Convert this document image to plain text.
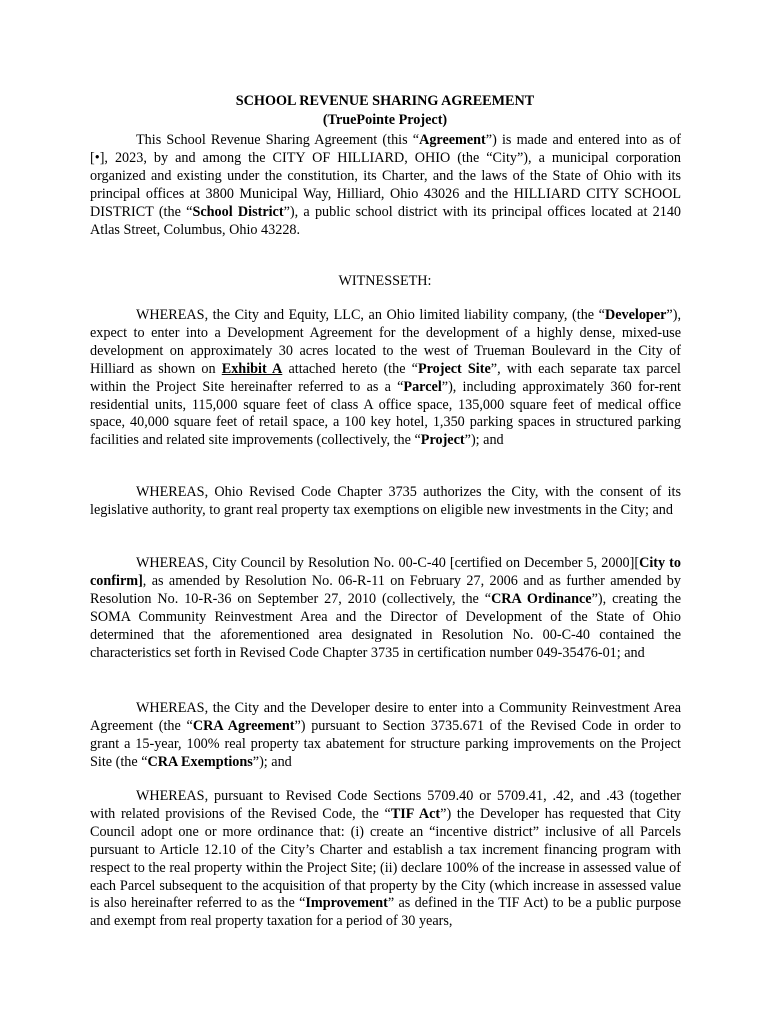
SCHOOL REVENUE SHARING AGREEMENT
(TruePointe Project)

This School Revenue Sharing Agreement (this “Agreement”) is made and entered into as of [•], 2023, by and among the CITY OF HILLIARD, OHIO (the “City”), a municipal corporation organized and existing under the constitution, its Charter, and the laws of the State of Ohio with its principal offices at 3800 Municipal Way, Hilliard, Ohio 43026 and the HILLIARD CITY SCHOOL DISTRICT (the “School District”), a public school district with its principal offices located at 2140 Atlas Street, Columbus, Ohio 43228.

WITNESSETH:

WHEREAS, the City and Equity, LLC, an Ohio limited liability company, (the “Developer”), expect to enter into a Development Agreement for the development of a highly dense, mixed-use development on approximately 30 acres located to the west of Trueman Boulevard in the City of Hilliard as shown on Exhibit A attached hereto (the “Project Site”, with each separate tax parcel within the Project Site hereinafter referred to as a “Parcel”), including approximately 360 for-rent residential units, 115,000 square feet of class A office space, 135,000 square feet of medical office space, 40,000 square feet of retail space, a 100 key hotel, 1,350 parking spaces in structured parking facilities and related site improvements (collectively, the “Project”); and

WHEREAS, Ohio Revised Code Chapter 3735 authorizes the City, with the consent of its legislative authority, to grant real property tax exemptions on eligible new investments in the City; and

WHEREAS, City Council by Resolution No. 00-C-40 [certified on December 5, 2000][City to confirm], as amended by Resolution No. 06-R-11 on February 27, 2006 and as further amended by Resolution No. 10-R-36 on September 27, 2010 (collectively, the “CRA Ordinance”), creating the SOMA Community Reinvestment Area and the Director of Development of the State of Ohio determined that the aforementioned area designated in Resolution No. 00-C-40 contained the characteristics set forth in Revised Code Chapter 3735 in certification number 049-35476-01; and

WHEREAS, the City and the Developer desire to enter into a Community Reinvestment Area Agreement (the “CRA Agreement”) pursuant to Section 3735.671 of the Revised Code in order to grant a 15-year, 100% real property tax abatement for structure parking improvements on the Project Site (the “CRA Exemptions”); and

WHEREAS, pursuant to Revised Code Sections 5709.40 or 5709.41, .42, and .43 (together with related provisions of the Revised Code, the “TIF Act”) the Developer has requested that City Council adopt one or more ordinance that: (i) create an “incentive district” inclusive of all Parcels pursuant to Article 12.10 of the City’s Charter and establish a tax increment financing program with respect to the real property within the Project Site; (ii) declare 100% of the increase in assessed value of each Parcel subsequent to the acquisition of that property by the City (which increase in assessed value is also hereinafter referred to as the “Improvement” as defined in the TIF Act) to be a public purpose and exempt from real property taxation for a period of 30 years,
